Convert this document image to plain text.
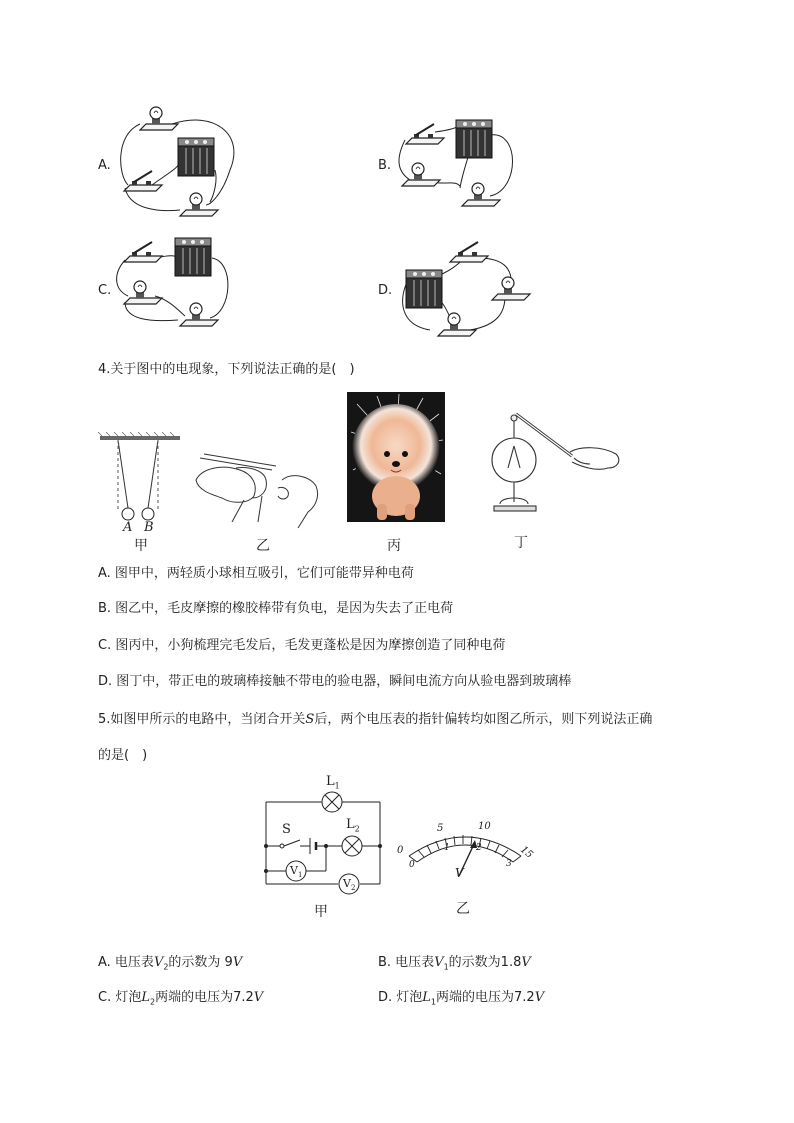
A.	B.
C.	D.
4.关于图中的电现象，下列说法正确的是(　)
A B
甲	乙	丙	丁
A. 图甲中，两轻质小球相互吸引，它们可能带异种电荷
B. 图乙中，毛皮摩擦的橡胶棒带有负电，是因为失去了正电荷
C. 图丙中，小狗梳理完毛发后，毛发更蓬松是因为摩擦创造了同种电荷
D. 图丁中，带正电的玻璃棒接触不带电的验电器，瞬间电流方向从验电器到玻璃棒
5.如图甲所示的电路中，当闭合开关S后，两个电压表的指针偏转均如图乙所示，则下列说法正确
的是(　)
$L_1$
$L_2$
S
$V_1$
$V_2$
甲
0
5	10
15
0
1	2
3
V
乙
A. 电压表$V_2$的示数为 9V	B. 电压表$V_1$的示数为1.8V
C. 灯泡$L_2$两端的电压为7.2V	D. 灯泡$L_1$两端的电压为7.2V
